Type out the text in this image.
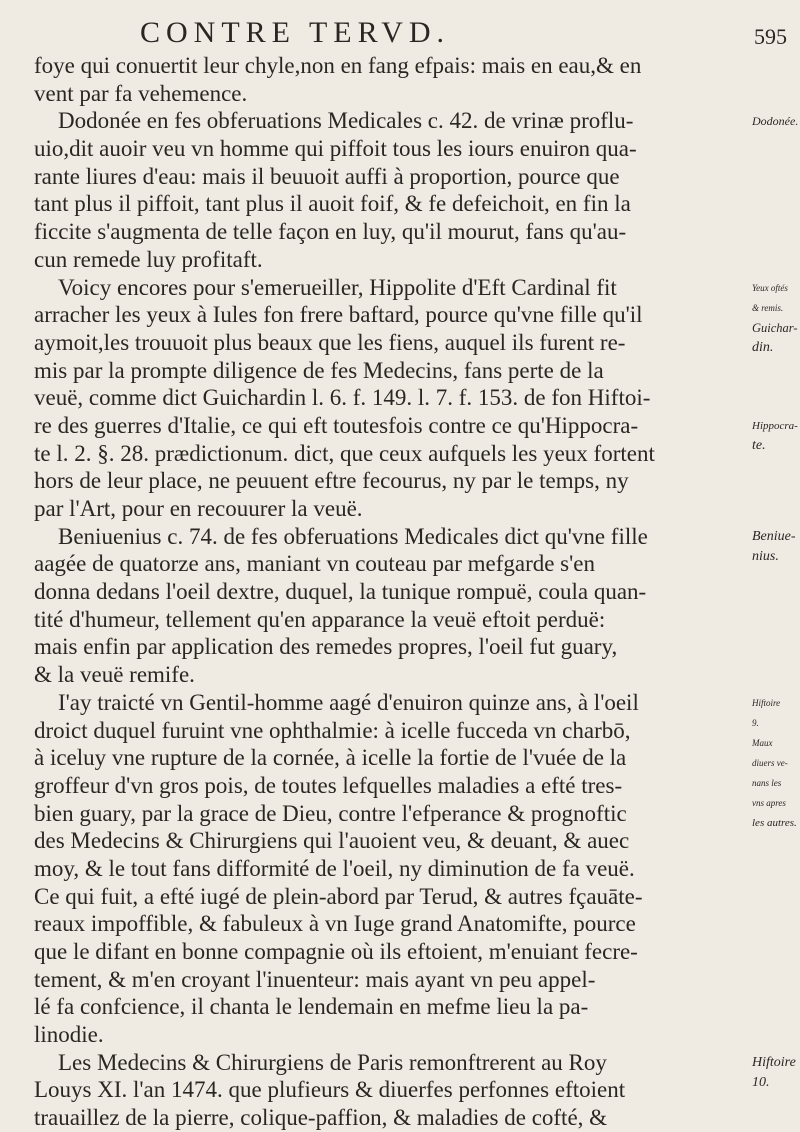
CONTRE TERVD.	595
foye qui conuertit leur chyle,non en fang efpais: mais en eau,& en
vent par fa vehemence.
Dodonée en fes obferuations Medicales c. 42. de vrinæ proflu-
uio,dit auoir veu vn homme qui piffoit tous les iours enuiron qua-
rante liures d'eau: mais il beuuoit auffi à proportion, pource que
tant plus il piffoit, tant plus il auoit foif, & fe defeichoit, en fin la
ficcite s'augmenta de telle façon en luy, qu'il mourut, fans qu'au-
cun remede luy profitaft.
Voicy encores pour s'emerueiller, Hippolite d'Eft Cardinal fit
arracher les yeux à Iules fon frere baftard, pource qu'vne fille qu'il
aymoit,les trouuoit plus beaux que les fiens, auquel ils furent re-
mis par la prompte diligence de fes Medecins, fans perte de la
veuë, comme dict Guichardin l. 6. f. 149. l. 7. f. 153. de fon Hiftoi-
re des guerres d'Italie, ce qui eft toutesfois contre ce qu'Hippocra-
te l. 2. §. 28. prædictionum. dict, que ceux aufquels les yeux fortent
hors de leur place, ne peuuent eftre fecourus, ny par le temps, ny
par l'Art, pour en recouurer la veuë.
Beniuenius c. 74. de fes obferuations Medicales dict qu'vne fille
aagée de quatorze ans, maniant vn couteau par mefgarde s'en
donna dedans l'oeil dextre, duquel, la tunique rompuë, coula quan-
tité d'humeur, tellement qu'en apparance la veuë eftoit perduë:
mais enfin par application des remedes propres, l'oeil fut guary,
& la veuë remife.
I'ay traicté vn Gentil-homme aagé d'enuiron quinze ans, à l'oeil
droict duquel furuint vne ophthalmie: à icelle fucceda vn charbō,
à iceluy vne rupture de la cornée, à icelle la fortie de l'vuée de la
groffeur d'vn gros pois, de toutes lefquelles maladies a efté tres-
bien guary, par la grace de Dieu, contre l'efperance & prognoftic
des Medecins & Chirurgiens qui l'auoient veu, & deuant, & auec
moy, & le tout fans difformité de l'oeil, ny diminution de fa veuë.
Ce qui fuit, a efté iugé de plein-abord par Terud, & autres fçauāte-
reaux impoffible, & fabuleux à vn Iuge grand Anatomifte, pource
que le difant en bonne compagnie où ils eftoient, m'enuiant fecre-
tement, & m'en croyant l'inuenteur: mais ayant vn peu appel-
lé fa confcience, il chanta le lendemain en mefme lieu la pa-
linodie.
Les Medecins & Chirurgiens de Paris remonftrerent au Roy
Louys XI. l'an 1474. que plufieurs & diuerfes perfonnes eftoient
trauaillez de la pierre, colique-paffion, & maladies de cofté, &
Dodonée.
Yeux oftés
& remis.
Guichar-
din.
Hippocra-
te.
Beniue-
nius.
Hiftoire
9.
Maux
diuers ve-
nans les
vns apres
les autres.
Hiftoire
10.
